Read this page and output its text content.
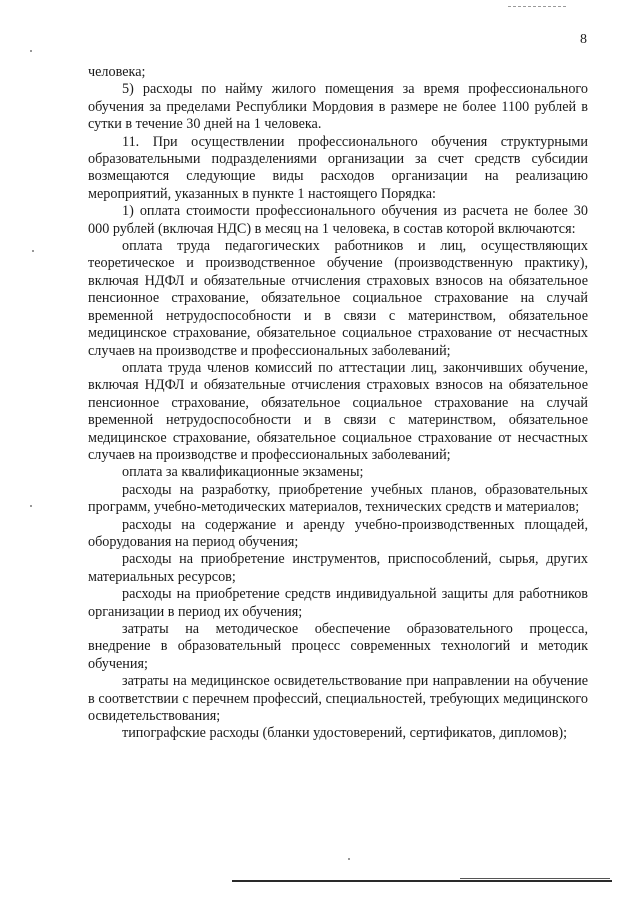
8

человека;

5) расходы по найму жилого помещения за время профессионального обучения за пределами Республики Мордовия в размере не более 1100 рублей в сутки в течение 30 дней на 1 человека.

11. При осуществлении профессионального обучения структурными образовательными подразделениями организации за счет средств субсидии возмещаются следующие виды расходов организации на реализацию мероприятий, указанных в пункте 1 настоящего Порядка:

1) оплата стоимости профессионального обучения из расчета не более 30 000 рублей (включая НДС) в месяц на 1 человека, в состав которой включаются:

оплата труда педагогических работников и лиц, осуществляющих теоретическое и производственное обучение (производственную практику), включая НДФЛ и обязательные отчисления страховых взносов на обязательное пенсионное страхование, обязательное социальное страхование на случай временной нетрудоспособности и в связи с материнством, обязательное медицинское страхование, обязательное социальное страхование от несчастных случаев на производстве и профессиональных заболеваний;

оплата труда членов комиссий по аттестации лиц, закончивших обучение, включая НДФЛ и обязательные отчисления страховых взносов на обязательное пенсионное страхование, обязательное социальное страхование на случай временной нетрудоспособности и в связи с материнством, обязательное медицинское страхование, обязательное социальное страхование от несчастных случаев на производстве и профессиональных заболеваний;

оплата за квалификационные экзамены;

расходы на разработку, приобретение учебных планов, образовательных программ, учебно-методических материалов, технических средств и материалов;

расходы на содержание и аренду учебно-производственных площадей, оборудования на период обучения;

расходы на приобретение инструментов, приспособлений, сырья, других материальных ресурсов;

расходы на приобретение средств индивидуальной защиты для работников организации в период их обучения;

затраты на методическое обеспечение образовательного процесса, внедрение в образовательный процесс современных технологий и методик обучения;

затраты на медицинское освидетельствование при направлении на обучение в соответствии с перечнем профессий, специальностей, требующих медицинского освидетельствования;

типографские расходы (бланки удостоверений, сертификатов, дипломов);
